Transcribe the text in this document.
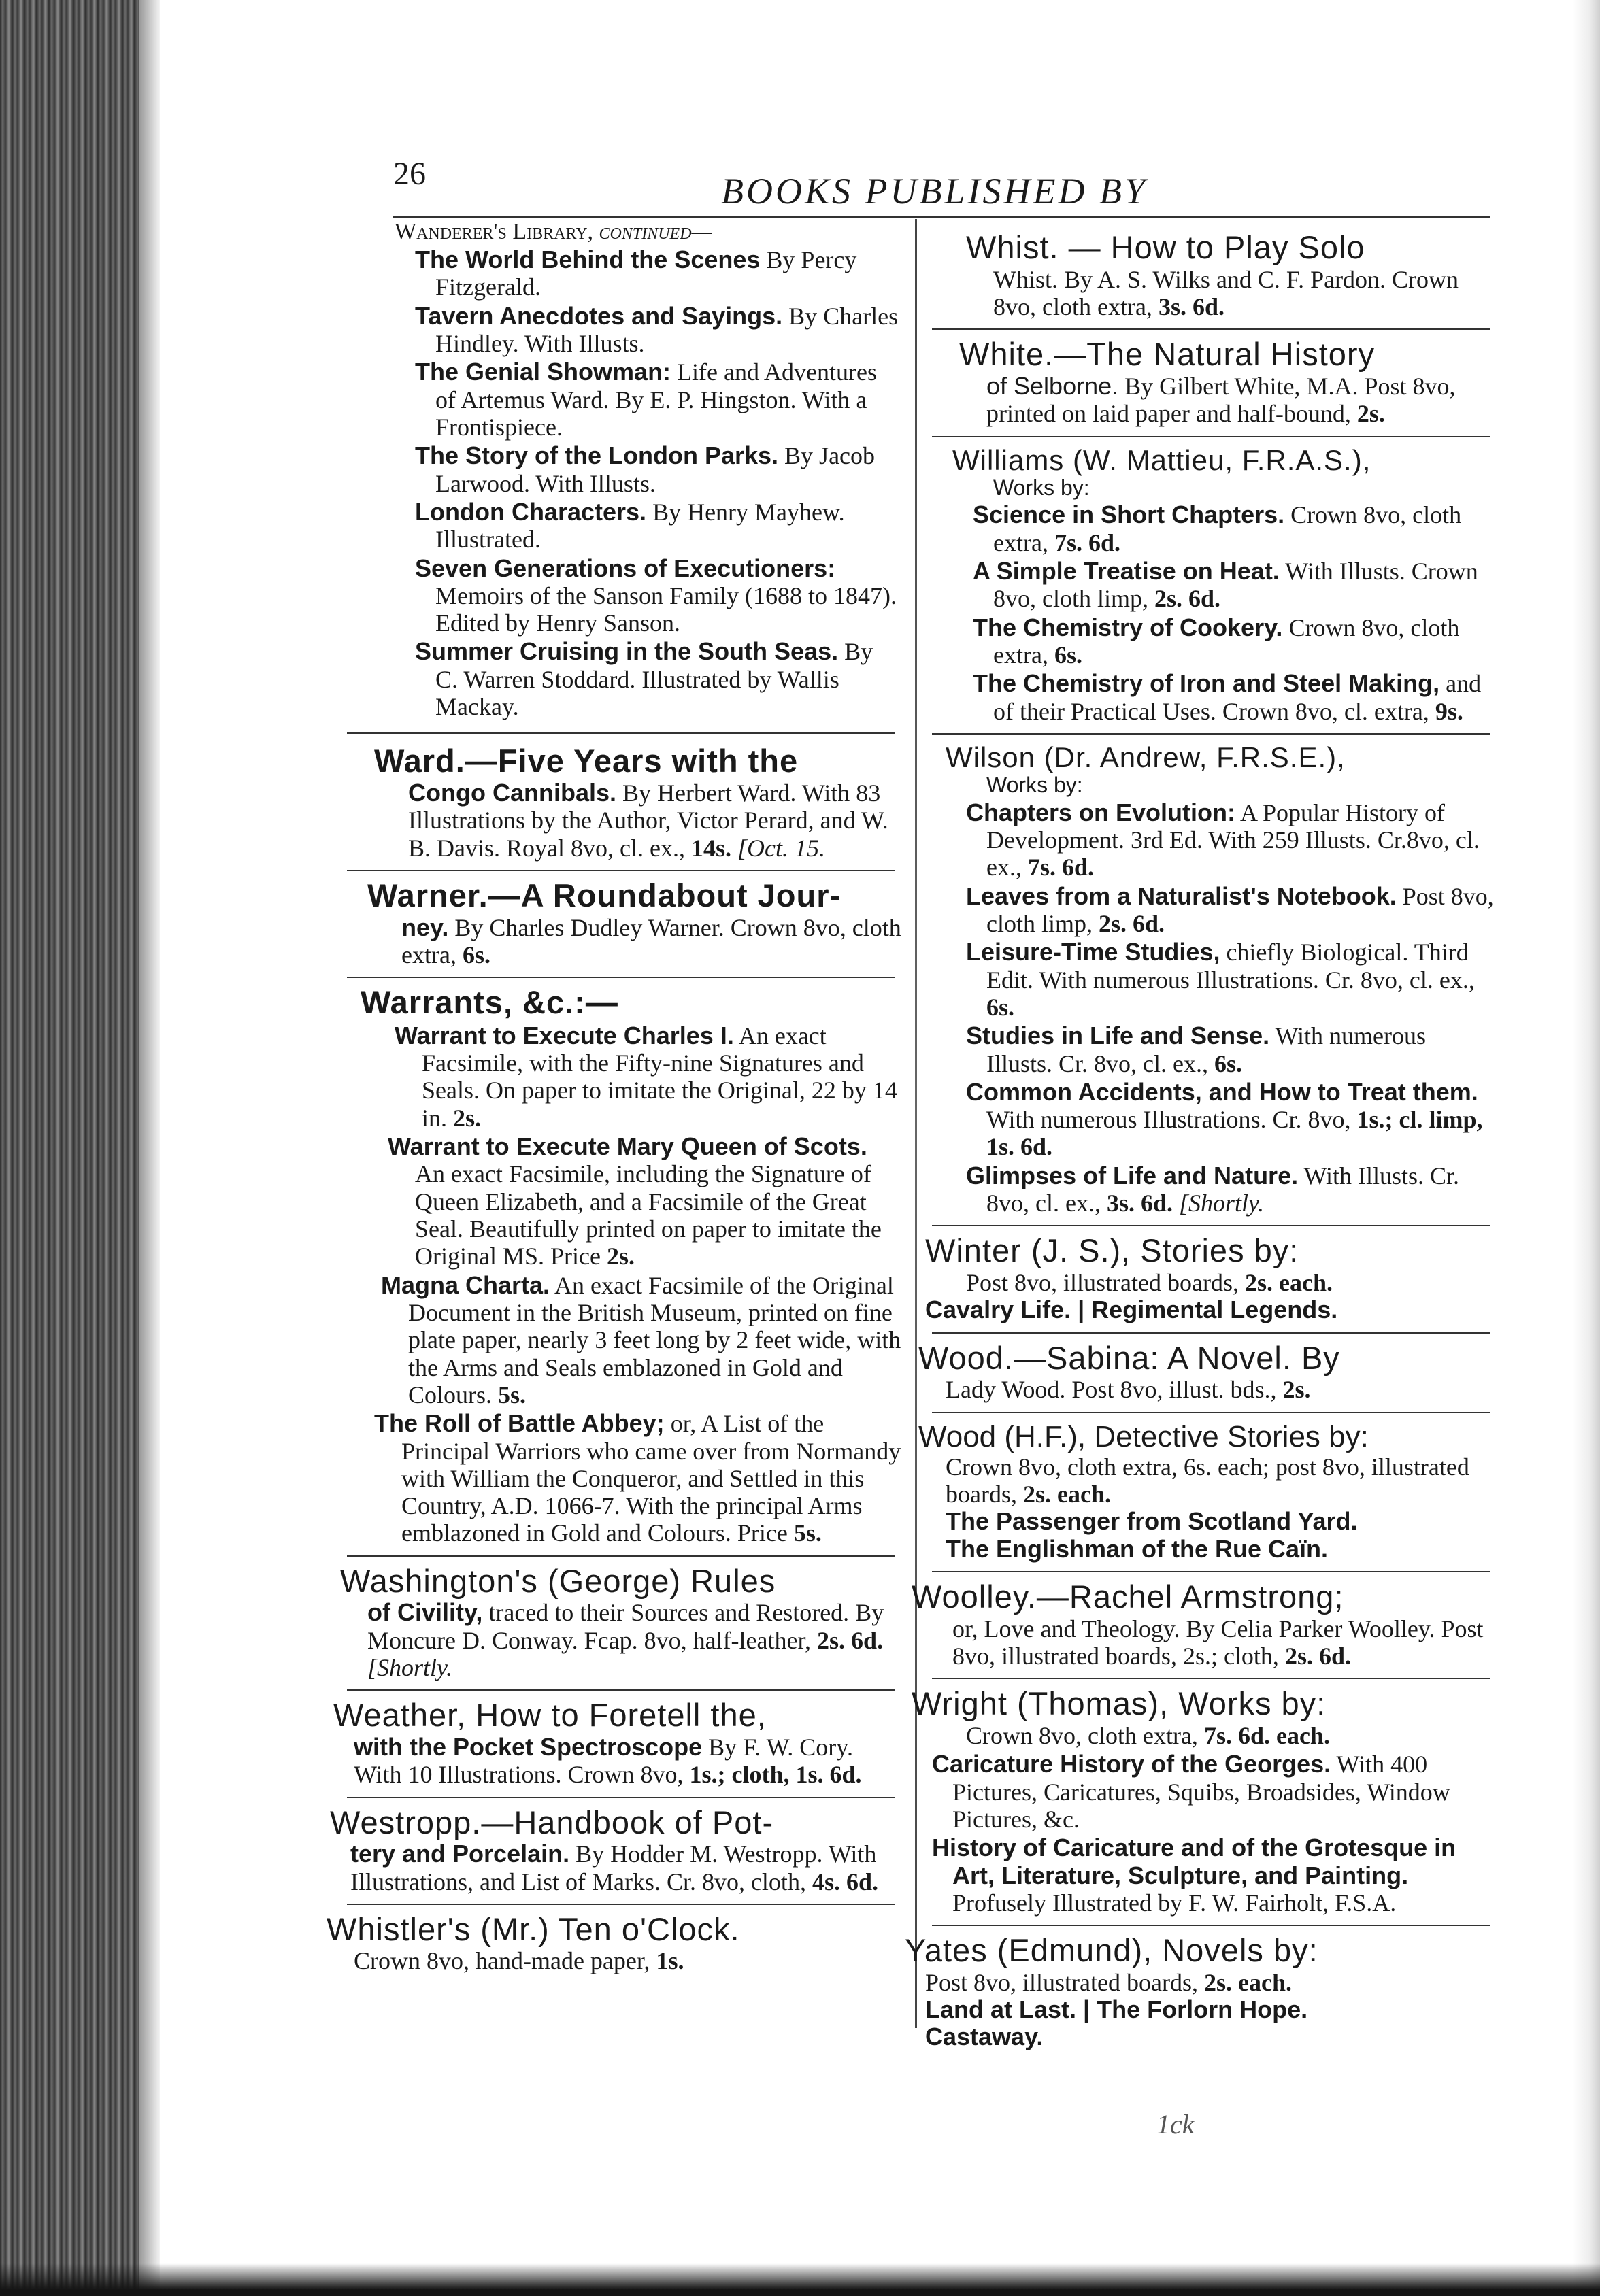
26	BOOKS PUBLISHED BY
Wanderer's Library, continued—
The World Behind the Scenes By Percy Fitzgerald.
Tavern Anecdotes and Sayings. By Charles Hindley. With Illusts.
The Genial Showman: Life and Adventures of Artemus Ward. By E. P. Hingston. With a Frontispiece.
The Story of the London Parks. By Jacob Larwood. With Illusts.
London Characters. By Henry Mayhew. Illustrated.
Seven Generations of Executioners: Memoirs of the Sanson Family (1688 to 1847). Edited by Henry Sanson.
Summer Cruising in the South Seas. By C. Warren Stoddard. Illustrated by Wallis Mackay.
Ward.—Five Years with the
Congo Cannibals. By Herbert Ward. With 83 Illustrations by the Author, Victor Perard, and W. B. Davis. Royal 8vo, cl. ex., 14s. [Oct. 15.
Warner.—A Roundabout Jour-
ney. By Charles Dudley Warner. Crown 8vo, cloth extra, 6s.
Warrants, &c.:—
Warrant to Execute Charles I. An exact Facsimile, with the Fifty-nine Signatures and Seals. On paper to imitate the Original, 22 by 14 in. 2s.
Warrant to Execute Mary Queen of Scots. An exact Facsimile, including the Signature of Queen Elizabeth, and a Facsimile of the Great Seal. Beautifully printed on paper to imitate the Original MS. Price 2s.
Magna Charta. An exact Facsimile of the Original Document in the British Museum, printed on fine plate paper, nearly 3 feet long by 2 feet wide, with the Arms and Seals emblazoned in Gold and Colours. 5s.
The Roll of Battle Abbey; or, A List of the Principal Warriors who came over from Normandy with William the Conqueror, and Settled in this Country, A.D. 1066-7. With the principal Arms emblazoned in Gold and Colours. Price 5s.
Washington's (George) Rules
of Civility, traced to their Sources and Restored. By Moncure D. Conway. Fcap. 8vo, half-leather, 2s. 6d. [Shortly.
Weather, How to Foretell the,
with the Pocket Spectroscope By F. W. Cory. With 10 Illustrations. Crown 8vo, 1s.; cloth, 1s. 6d.
Westropp.—Handbook of Pot-
tery and Porcelain. By Hodder M. Westropp. With Illustrations, and List of Marks. Cr. 8vo, cloth, 4s. 6d.
Whistler's (Mr.) Ten o'Clock.
Crown 8vo, hand-made paper, 1s.
Whist. — How to Play Solo
Whist. By A. S. Wilks and C. F. Pardon. Crown 8vo, cloth extra, 3s. 6d.
White.—The Natural History
of Selborne. By Gilbert White, M.A. Post 8vo, printed on laid paper and half-bound, 2s.
Williams (W. Mattieu, F.R.A.S.),
Works by:
Science in Short Chapters. Crown 8vo, cloth extra, 7s. 6d.
A Simple Treatise on Heat. With Illusts. Crown 8vo, cloth limp, 2s. 6d.
The Chemistry of Cookery. Crown 8vo, cloth extra, 6s.
The Chemistry of Iron and Steel Making, and of their Practical Uses. Crown 8vo, cl. extra, 9s.
Wilson (Dr. Andrew, F.R.S.E.),
Works by:
Chapters on Evolution: A Popular History of Development. 3rd Ed. With 259 Illusts. Cr.8vo, cl. ex., 7s. 6d.
Leaves from a Naturalist's Notebook. Post 8vo, cloth limp, 2s. 6d.
Leisure-Time Studies, chiefly Biological. Third Edit. With numerous Illustrations. Cr. 8vo, cl. ex., 6s.
Studies in Life and Sense. With numerous Illusts. Cr. 8vo, cl. ex., 6s.
Common Accidents, and How to Treat them. With numerous Illustrations. Cr. 8vo, 1s.; cl. limp, 1s. 6d.
Glimpses of Life and Nature. With Illusts. Cr. 8vo, cl. ex., 3s. 6d. [Shortly.
Winter (J. S.), Stories by:
Post 8vo, illustrated boards, 2s. each.
Cavalry Life. | Regimental Legends.
Wood.—Sabina: A Novel. By
Lady Wood. Post 8vo, illust. bds., 2s.
Wood (H.F.), Detective Stories by:
Crown 8vo, cloth extra, 6s. each; post 8vo, illustrated boards, 2s. each.
The Passenger from Scotland Yard.
The Englishman of the Rue Caïn.
Woolley.—Rachel Armstrong;
or, Love and Theology. By Celia Parker Woolley. Post 8vo, illustrated boards, 2s.; cloth, 2s. 6d.
Wright (Thomas), Works by:
Crown 8vo, cloth extra, 7s. 6d. each.
Caricature History of the Georges. With 400 Pictures, Caricatures, Squibs, Broadsides, Window Pictures, &c.
History of Caricature and of the Grotesque in Art, Literature, Sculpture, and Painting. Profusely Illustrated by F. W. Fairholt, F.S.A.
Yates (Edmund), Novels by:
Post 8vo, illustrated boards, 2s. each.
Land at Last. | The Forlorn Hope.
Castaway.
1ck
